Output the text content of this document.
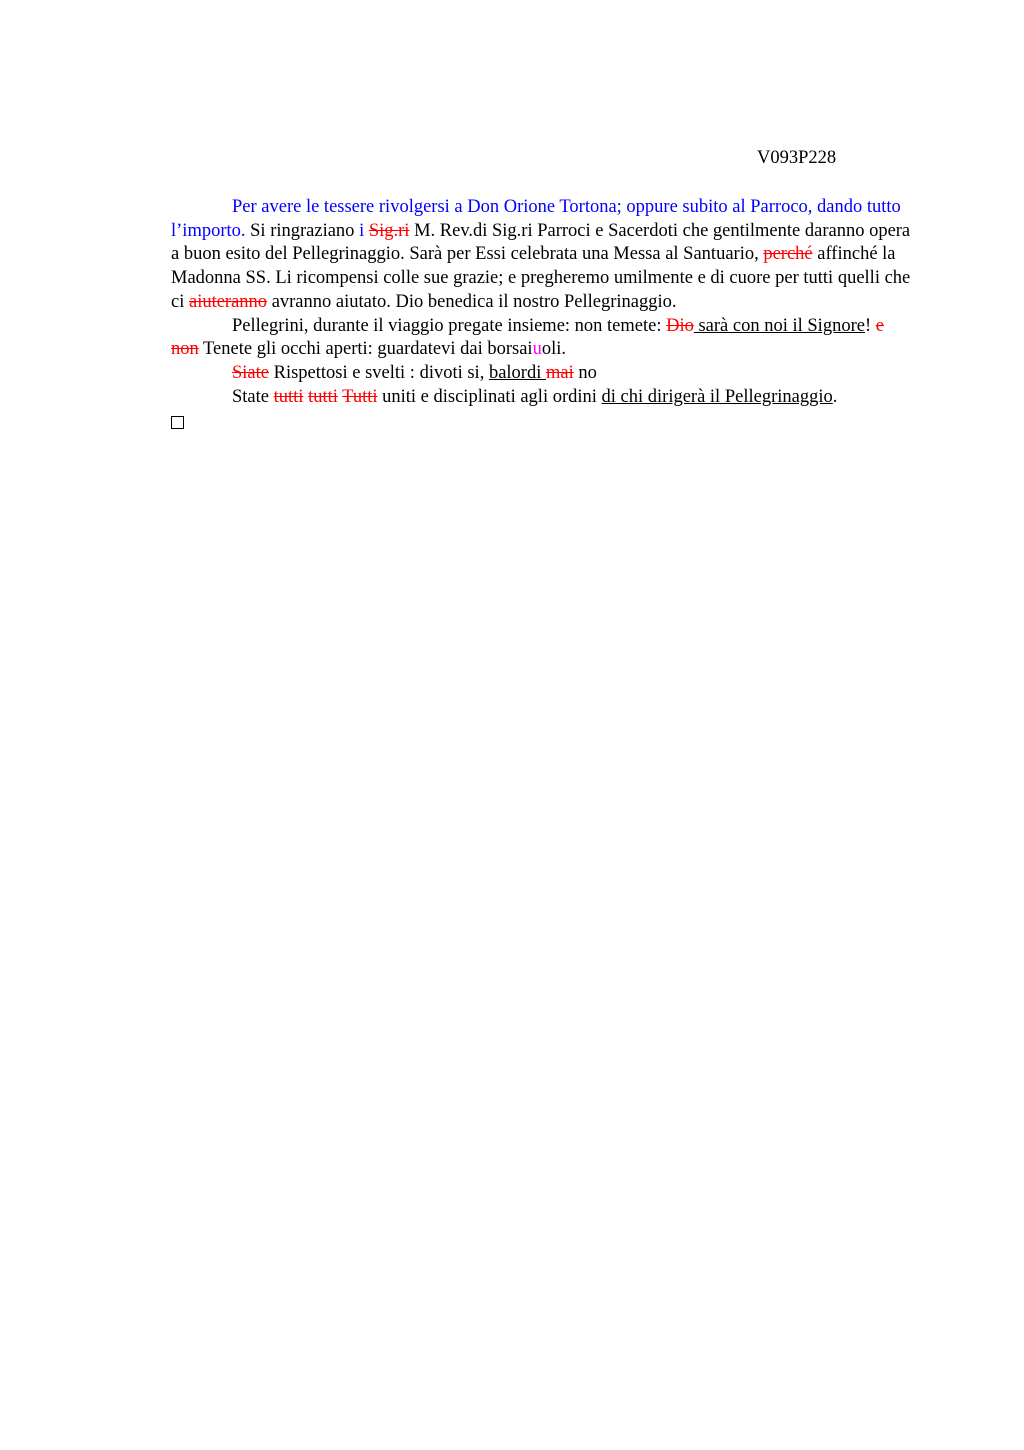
V093P228

Per avere le tessere rivolgersi a Don Orione Tortona; oppure subito al Parroco, dando tutto l’importo. Si ringraziano i Sig.ri M. Rev.di Sig.ri Parroci e Sacerdoti che gentilmente daranno opera a buon esito del Pellegrinaggio. Sarà per Essi celebrata una Messa al Santuario, perché affinché la Madonna SS. Li ricompensi colle sue grazie; e pregheremo umilmente e di cuore per tutti quelli che ci aiuteranno avranno aiutato. Dio benedica il nostro Pellegrinaggio.

Pellegrini, durante il viaggio pregate insieme: non temete: Dio sarà con noi il Signore! e non Tenete gli occhi aperti: guardatevi dai borsaiuoli.

Siate Rispettosi e svelti : divoti si, balordi mai no

State tutti tutti Tutti uniti e disciplinati agli ordini di chi dirigerà il Pellegrinaggio.
